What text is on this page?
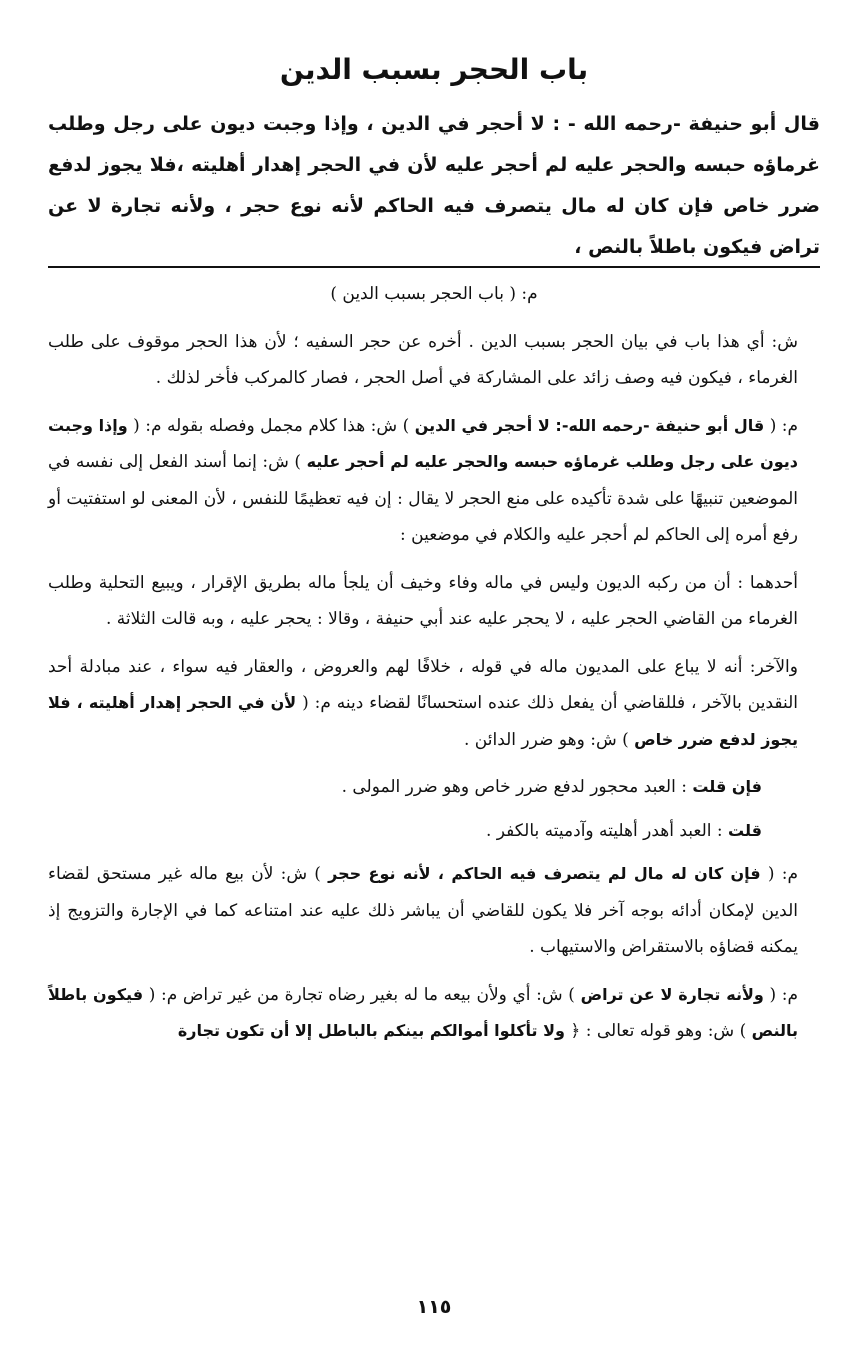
باب الحجر بسبب الدين

قال أبو حنيفة -رحمه الله - : لا أحجر في الدين ، وإذا وجبت ديون على رجل وطلب غرماؤه حبسه والحجر عليه لم أحجر عليه لأن في الحجر إهدار أهليته ،فلا يجوز لدفع ضرر خاص فإن كان له مال يتصرف فيه الحاكم لأنه نوع حجر ، ولأنه تجارة لا عن تراض فيكون باطلاً بالنص ،

م: ( باب الحجر بسبب الدين )

ش: أي هذا باب في بيان الحجر بسبب الدين . أخره عن حجر السفيه ؛ لأن هذا الحجر موقوف على طلب الغرماء ، فيكون فيه وصف زائد على المشاركة في أصل الحجر ، فصار كالمركب فأخر لذلك .

م: ( قال أبو حنيفة -رحمه الله-: لا أحجر في الدين ) ش: هذا كلام مجمل وفصله بقوله م: ( وإذا وجبت ديون على رجل وطلب غرماؤه حبسه والحجر عليه لم أحجر عليه ) ش: إنما أسند الفعل إلى نفسه في الموضعين تنبيهًا على شدة تأكيده على منع الحجر لا يقال : إن فيه تعظيمًا للنفس ، لأن المعنى لو استفتيت أو رفع أمره إلى الحاكم لم أحجر عليه والكلام في موضعين :

أحدهما : أن من ركبه الديون وليس في ماله وفاء وخيف أن يلجأ ماله بطريق الإقرار ، ويبيع التحلية وطلب الغرماء من القاضي الحجر عليه ، لا يحجر عليه عند أبي حنيفة ، وقالا : يحجر عليه ، وبه قالت الثلاثة .

والآخر: أنه لا يباع على المديون ماله في قوله ، خلافًا لهم والعروض ، والعقار فيه سواء ، عند مبادلة أحد النقدين بالآخر ، فللقاضي أن يفعل ذلك عنده استحسانًا لقضاء دينه م: ( لأن في الحجر إهدار أهليته ، فلا يجوز لدفع ضرر خاص ) ش: وهو ضرر الدائن .

فإن قلت : العبد محجور لدفع ضرر خاص وهو ضرر المولى .

قلت : العبد أهدر أهليته وآدميته بالكفر .

م: ( فإن كان له مال لم يتصرف فيه الحاكم ، لأنه نوع حجر ) ش: لأن بيع ماله غير مستحق لقضاء الدين لإمكان أدائه بوجه آخر فلا يكون للقاضي أن يباشر ذلك عليه عند امتناعه كما في الإجارة والتزويج إذ يمكنه قضاؤه بالاستقراض والاستيهاب .

م: ( ولأنه تجارة لا عن تراض ) ش: أي ولأن بيعه ما له بغير رضاه تجارة من غير تراض م: ( فيكون باطلاً بالنص ) ش: وهو قوله تعالى : ﴿ ولا تأكلوا أموالكم بينكم بالباطل إلا أن تكون تجارة

١١٥
